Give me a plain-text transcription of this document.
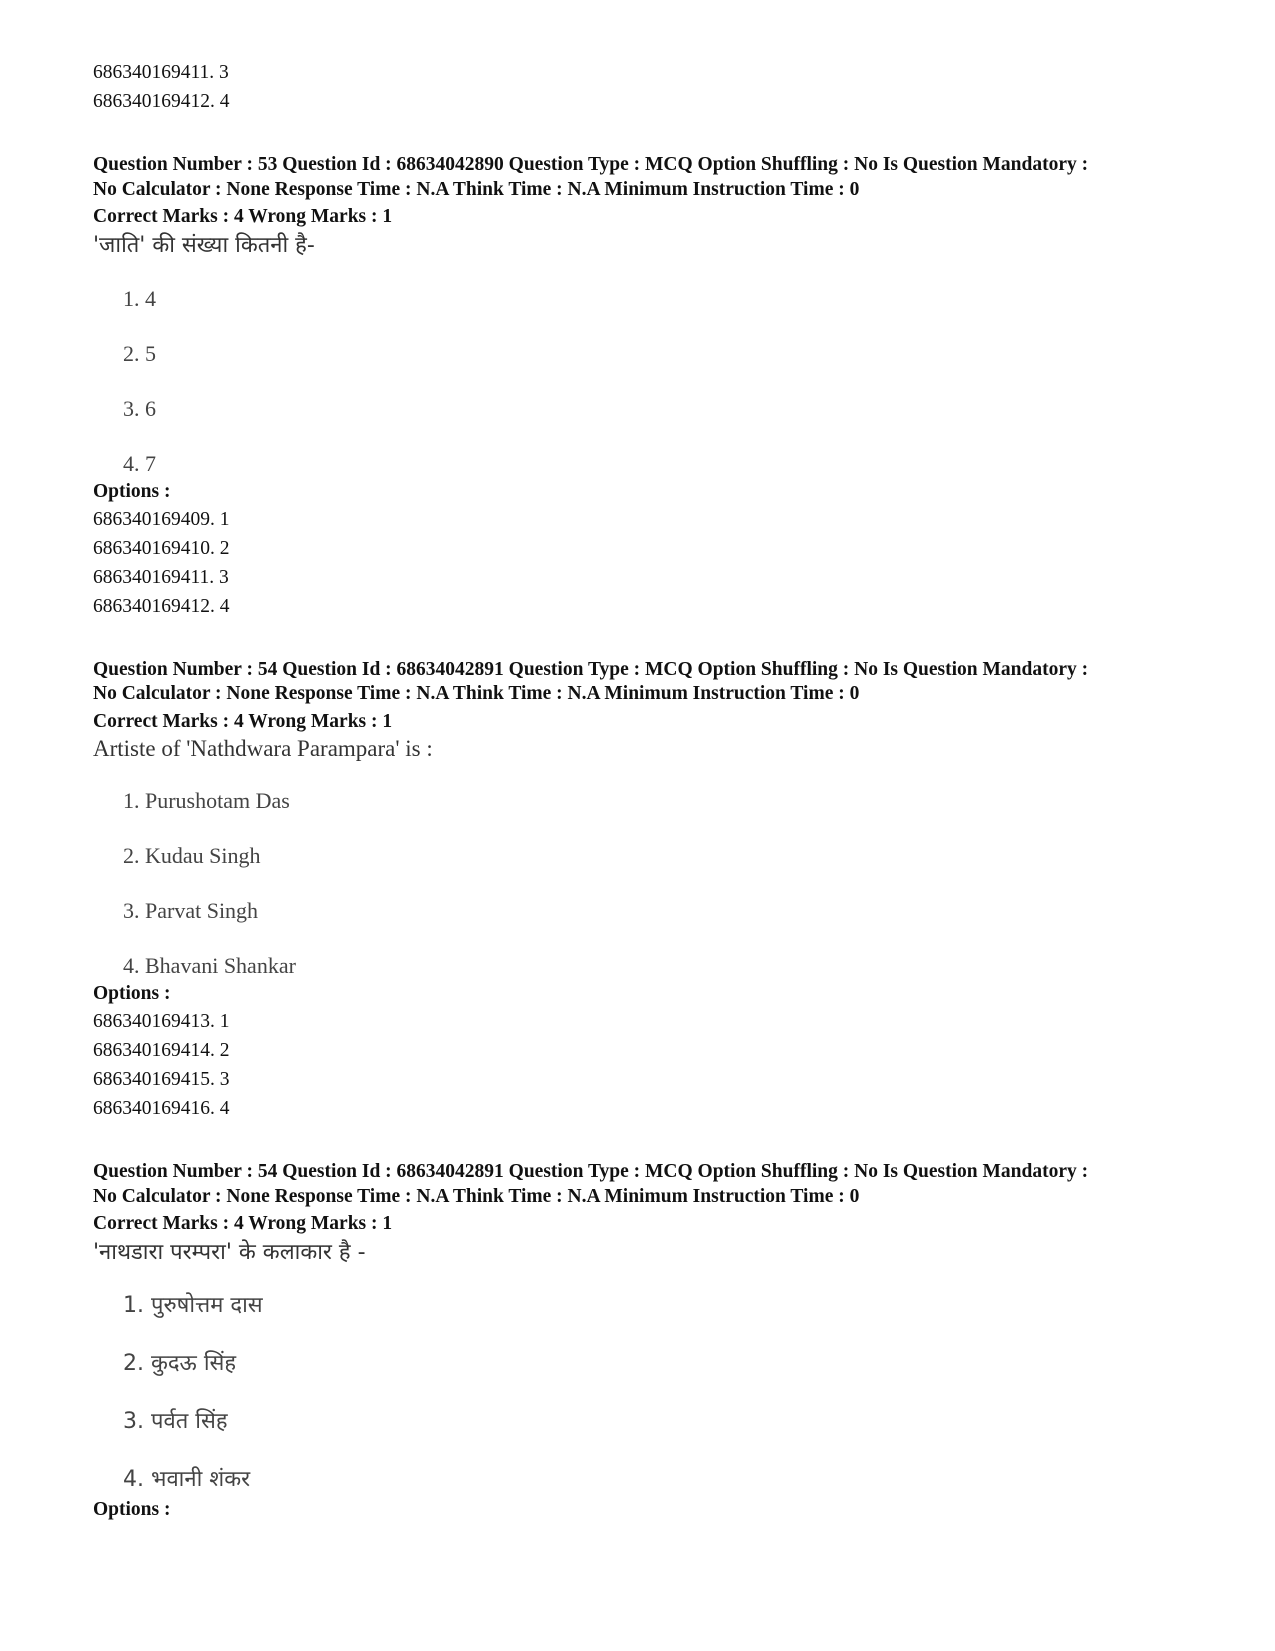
686340169411. 3
686340169412. 4
Question Number : 53 Question Id : 68634042890 Question Type : MCQ Option Shuffling : No Is Question Mandatory :
No Calculator : None Response Time : N.A Think Time : N.A Minimum Instruction Time : 0
Correct Marks : 4 Wrong Marks : 1
'जाति' की संख्या कितनी है-
1. 4
2. 5
3. 6
4. 7
Options :
686340169409. 1
686340169410. 2
686340169411. 3
686340169412. 4
Question Number : 54 Question Id : 68634042891 Question Type : MCQ Option Shuffling : No Is Question Mandatory :
No Calculator : None Response Time : N.A Think Time : N.A Minimum Instruction Time : 0
Correct Marks : 4 Wrong Marks : 1
Artiste of 'Nathdwara Parampara' is :
1. Purushotam Das
2. Kudau Singh
3. Parvat Singh
4. Bhavani Shankar
Options :
686340169413. 1
686340169414. 2
686340169415. 3
686340169416. 4
Question Number : 54 Question Id : 68634042891 Question Type : MCQ Option Shuffling : No Is Question Mandatory :
No Calculator : None Response Time : N.A Think Time : N.A Minimum Instruction Time : 0
Correct Marks : 4 Wrong Marks : 1
'नाथडारा परम्परा' के कलाकार है -
1. पुरुषोत्तम दास
2. कुदऊ सिंह
3. पर्वत सिंह
4. भवानी शंकर
Options :
